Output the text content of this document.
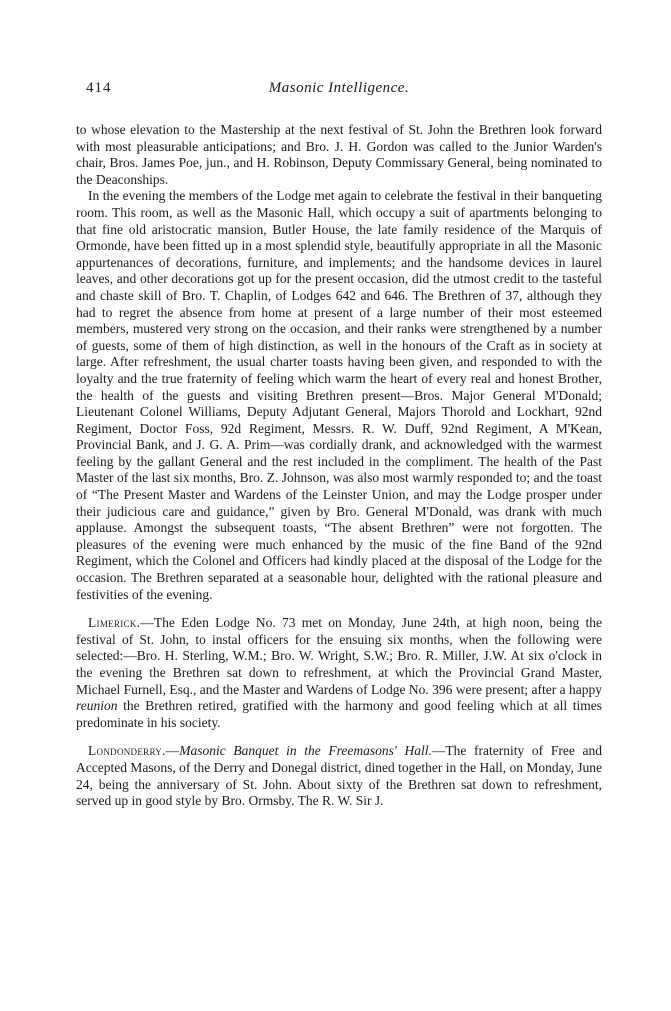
414	Masonic Intelligence.

to whose elevation to the Mastership at the next festival of St. John the Brethren look forward with most pleasurable anticipations; and Bro. J. H. Gordon was called to the Junior Warden's chair, Bros. James Poe, jun., and H. Robinson, Deputy Commissary General, being nominated to the Deaconships.

In the evening the members of the Lodge met again to celebrate the festival in their banqueting room. This room, as well as the Masonic Hall, which occupy a suit of apartments belonging to that fine old aristocratic mansion, Butler House, the late family residence of the Marquis of Ormonde, have been fitted up in a most splendid style, beautifully appropriate in all the Masonic appurtenances of decorations, furniture, and implements; and the handsome devices in laurel leaves, and other decorations got up for the present occasion, did the utmost credit to the tasteful and chaste skill of Bro. T. Chaplin, of Lodges 642 and 646. The Brethren of 37, although they had to regret the absence from home at present of a large number of their most esteemed members, mustered very strong on the occasion, and their ranks were strengthened by a number of guests, some of them of high distinction, as well in the honours of the Craft as in society at large. After refreshment, the usual charter toasts having been given, and responded to with the loyalty and the true fraternity of feeling which warm the heart of every real and honest Brother, the health of the guests and visiting Brethren present—Bros. Major General M'Donald; Lieutenant Colonel Williams, Deputy Adjutant General, Majors Thorold and Lockhart, 92nd Regiment, Doctor Foss, 92d Regiment, Messrs. R. W. Duff, 92nd Regiment, A M'Kean, Provincial Bank, and J. G. A. Prim—was cordially drank, and acknowledged with the warmest feeling by the gallant General and the rest included in the compliment. The health of the Past Master of the last six months, Bro. Z. Johnson, was also most warmly responded to; and the toast of “The Present Master and Wardens of the Leinster Union, and may the Lodge prosper under their judicious care and guidance,” given by Bro. General M'Donald, was drank with much applause. Amongst the subsequent toasts, “The absent Brethren” were not forgotten. The pleasures of the evening were much enhanced by the music of the fine Band of the 92nd Regiment, which the Colonel and Officers had kindly placed at the disposal of the Lodge for the occasion. The Brethren separated at a seasonable hour, delighted with the rational pleasure and festivities of the evening.

Limerick.—The Eden Lodge No. 73 met on Monday, June 24th, at high noon, being the festival of St. John, to instal officers for the ensuing six months, when the following were selected:—Bro. H. Sterling, W.M.; Bro. W. Wright, S.W.; Bro. R. Miller, J.W. At six o'clock in the evening the Brethren sat down to refreshment, at which the Provincial Grand Master, Michael Furnell, Esq., and the Master and Wardens of Lodge No. 396 were present; after a happy reunion the Brethren retired, gratified with the harmony and good feeling which at all times predominate in his society.

Londonderry.—Masonic Banquet in the Freemasons' Hall.—The fraternity of Free and Accepted Masons, of the Derry and Donegal district, dined together in the Hall, on Monday, June 24, being the anniversary of St. John. About sixty of the Brethren sat down to refreshment, served up in good style by Bro. Ormsby. The R. W. Sir J.
